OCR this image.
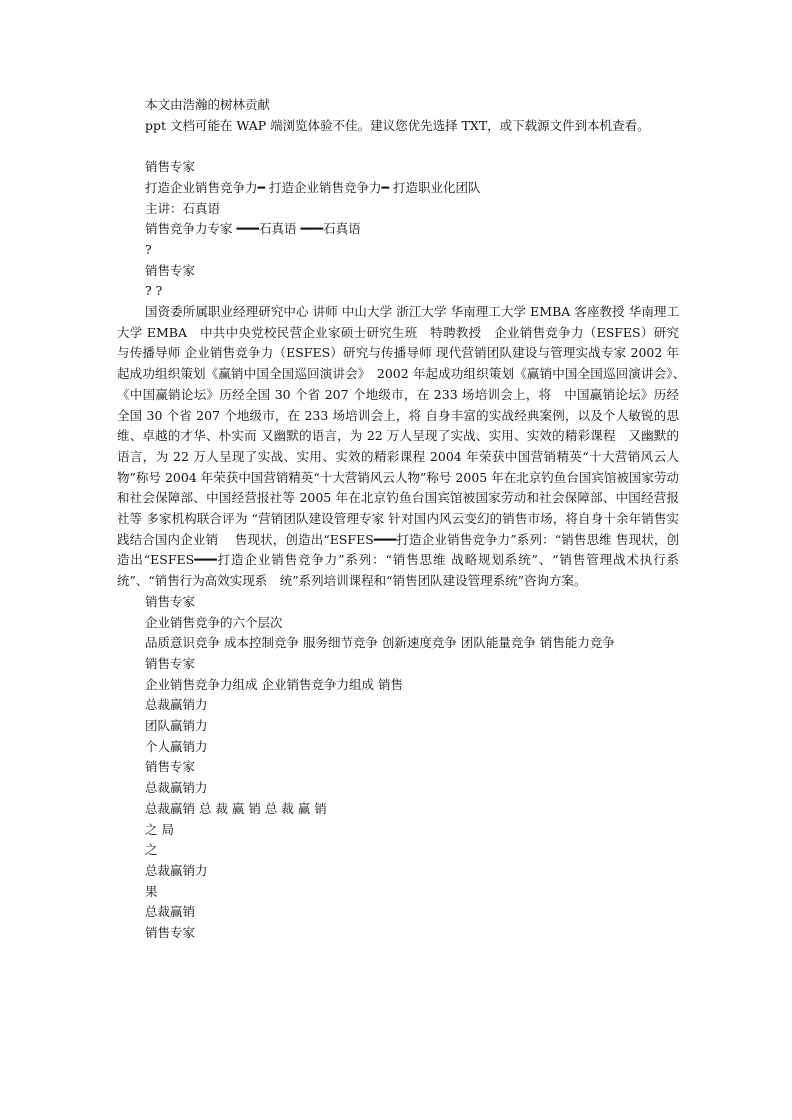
本文由浩瀚的树林贡献
ppt 文档可能在 WAP 端浏览体验不佳。建议您优先选择 TXT，或下载源文件到本机查看。
销售专家
打造企业销售竞争力━ 打造企业销售竞争力━ 打造职业化团队
主讲：石真语
销售竞争力专家 ━━━石真语 ━━━石真语
?
销售专家
? ?
国资委所属职业经理研究中心 讲师 中山大学 浙江大学 华南理工大学 EMBA 客座教授 华南理工大学 EMBA　中共中央党校民营企业家硕士研究生班　特聘教授　企业销售竞争力（ESFES）研究与传播导师 企业销售竞争力（ESFES）研究与传播导师 现代营销团队建设与管理实战专家 2002 年起成功组织策划《赢销中国全国巡回演讲会》　2002 年起成功组织策划《赢销中国全国巡回演讲会》、　　《中国赢销论坛》历经全国 30 个省 207 个地级市，在 233 场培训会上，将　中国赢销论坛》历经全国 30 个省 207 个地级市，在 233 场培训会上，将 自身丰富的实战经典案例，以及个人敏锐的思维、卓越的才华、朴实而 又幽默的语言，为 22 万人呈现了实战、实用、实效的精彩课程　又幽默的语言，为 22 万人呈现了实战、实用、实效的精彩课程 2004 年荣获中国营销精英“十大营销风云人物”称号 2004 年荣获中国营销精英“十大营销风云人物”称号 2005 年在北京钓鱼台国宾馆被国家劳动和社会保障部、中国经营报社等 2005 年在北京钓鱼台国宾馆被国家劳动和社会保障部、中国经营报社等 多家机构联合评为 “营销团队建设管理专家 针对国内风云变幻的销售市场，将自身十余年销售实践结合国内企业销　 售现状，创造出“ESFES━━━打造企业销售竞争力”系列：“销售思维 售现状，创造出“ESFES━━━打造企业销售竞争力”系列：“销售思维 战略规划系统”、“销售管理战术执行系统”、“销售行为高效实现系　统”系列培训课程和“销售团队建设管理系统”咨询方案。
销售专家
企业销售竞争的六个层次
品质意识竞争 成本控制竞争 服务细节竞争 创新速度竞争 团队能量竞争 销售能力竞争
销售专家
企业销售竞争力组成 企业销售竞争力组成 销售
总裁赢销力
团队赢销力
个人赢销力
销售专家
总裁赢销力
总裁赢销 总 裁 赢 销 总 裁 赢 销
之 局
之
总裁赢销力
果
总裁赢销
销售专家
